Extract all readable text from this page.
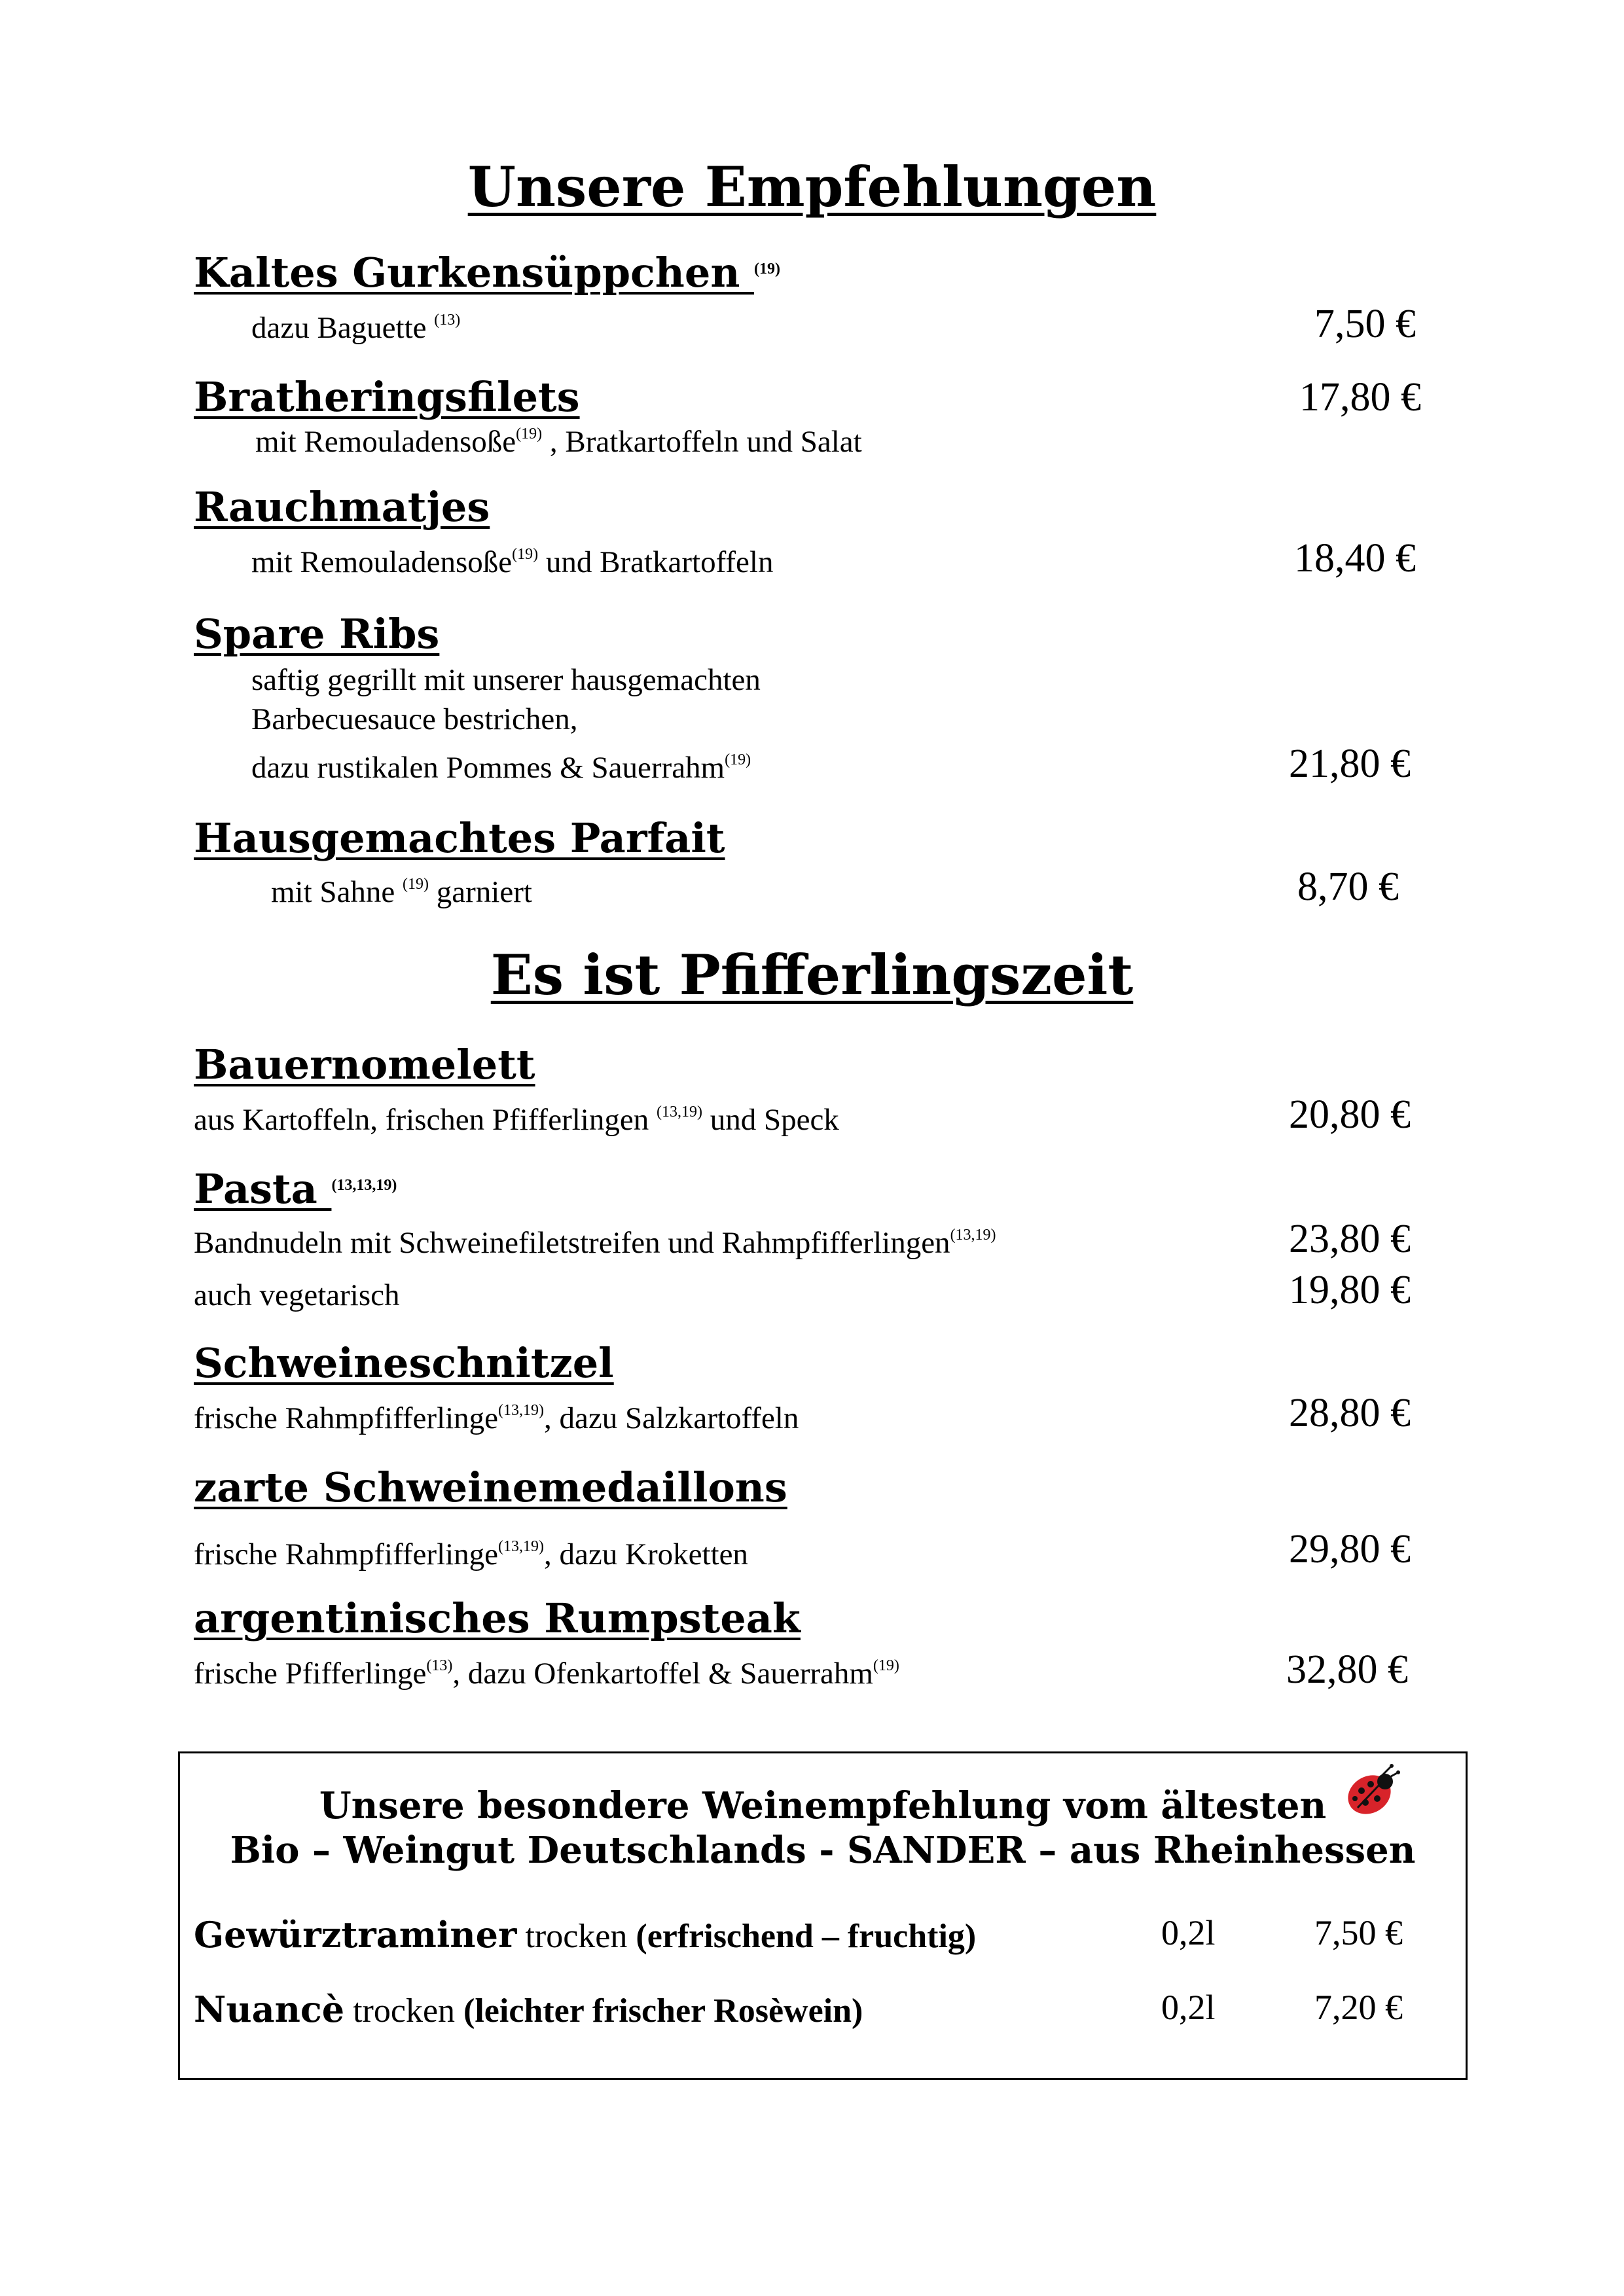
Unsere Empfehlungen
Kaltes Gurkensüppchen (19)
dazu Baguette $^{(13)}$	7,50 €
Bratheringsfilets	17,80 €
mit Remouladensoße$^{(19)}$ , Bratkartoffeln und Salat
Rauchmatjes
mit Remouladensoße$^{(19)}$ und Bratkartoffeln	18,40 €
Spare Ribs
saftig gegrillt mit unserer hausgemachten
Barbecuesauce bestrichen,
dazu rustikalen Pommes & Sauerrahm$^{(19)}$	21,80 €
Hausgemachtes Parfait
mit Sahne $^{(19)}$ garniert	8,70 €
Es ist Pfifferlingszeit
Bauernomelett
aus Kartoffeln, frischen Pfifferlingen $^{(13,19)}$ und Speck	20,80 €
Pasta (13,13,19)
Bandnudeln mit Schweinefiletstreifen und Rahmpfifferlingen$^{(13,19)}$	23,80 €
auch vegetarisch	19,80 €
Schweineschnitzel
frische Rahmpfifferlinge$^{(13,19)}$, dazu Salzkartoffeln	28,80 €
zarte Schweinemedaillons
frische Rahmpfifferlinge$^{(13,19)}$, dazu Kroketten	29,80 €
argentinisches Rumpsteak
frische Pfifferlinge$^{(13)}$, dazu Ofenkartoffel & Sauerrahm$^{(19)}$	32,80 €
Unsere besondere Weinempfehlung vom ältesten
Bio – Weingut Deutschlands - SANDER – aus Rheinhessen
Gewürztraminer trocken (erfrischend – fruchtig)	0,2l	7,50 €
Nuancè trocken (leichter frischer Rosèwein)	0,2l	7,20 €
